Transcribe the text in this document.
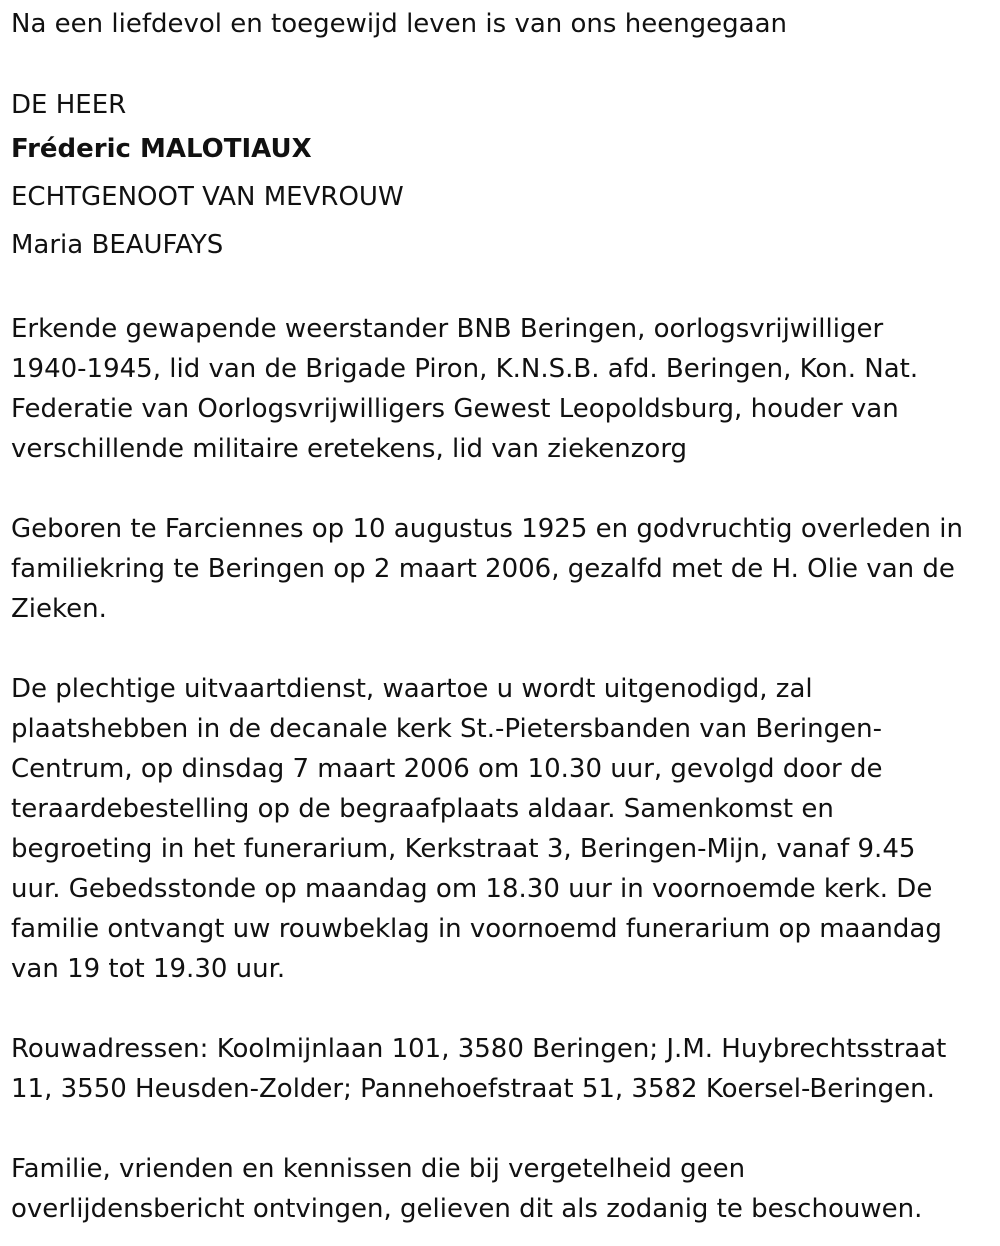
Na een liefdevol en toegewijd leven is van ons heengegaan

DE HEER

Fréderic MALOTIAUX

ECHTGENOOT VAN MEVROUW

Maria BEAUFAYS

Erkende gewapende weerstander BNB Beringen, oorlogsvrijwilliger

1940-1945, lid van de Brigade Piron, K.N.S.B. afd. Beringen, Kon. Nat.

Federatie van Oorlogsvrijwilligers Gewest Leopoldsburg, houder van

verschillende militaire eretekens, lid van ziekenzorg

Geboren te Farciennes op 10 augustus 1925 en godvruchtig overleden in

familiekring te Beringen op 2 maart 2006, gezalfd met de H. Olie van de

Zieken.

De plechtige uitvaartdienst, waartoe u wordt uitgenodigd, zal

plaatshebben in de decanale kerk St.-Pietersbanden van Beringen-

Centrum, op dinsdag 7 maart 2006 om 10.30 uur, gevolgd door de

teraardebestelling op de begraafplaats aldaar. Samenkomst en

begroeting in het funerarium, Kerkstraat 3, Beringen-Mijn, vanaf 9.45

uur. Gebedsstonde op maandag om 18.30 uur in voornoemde kerk. De

familie ontvangt uw rouwbeklag in voornoemd funerarium op maandag

van 19 tot 19.30 uur.

Rouwadressen: Koolmijnlaan 101, 3580 Beringen; J.M. Huybrechtsstraat

11, 3550 Heusden-Zolder; Pannehoefstraat 51, 3582 Koersel-Beringen.

Familie, vrienden en kennissen die bij vergetelheid geen

overlijdensbericht ontvingen, gelieven dit als zodanig te beschouwen.
